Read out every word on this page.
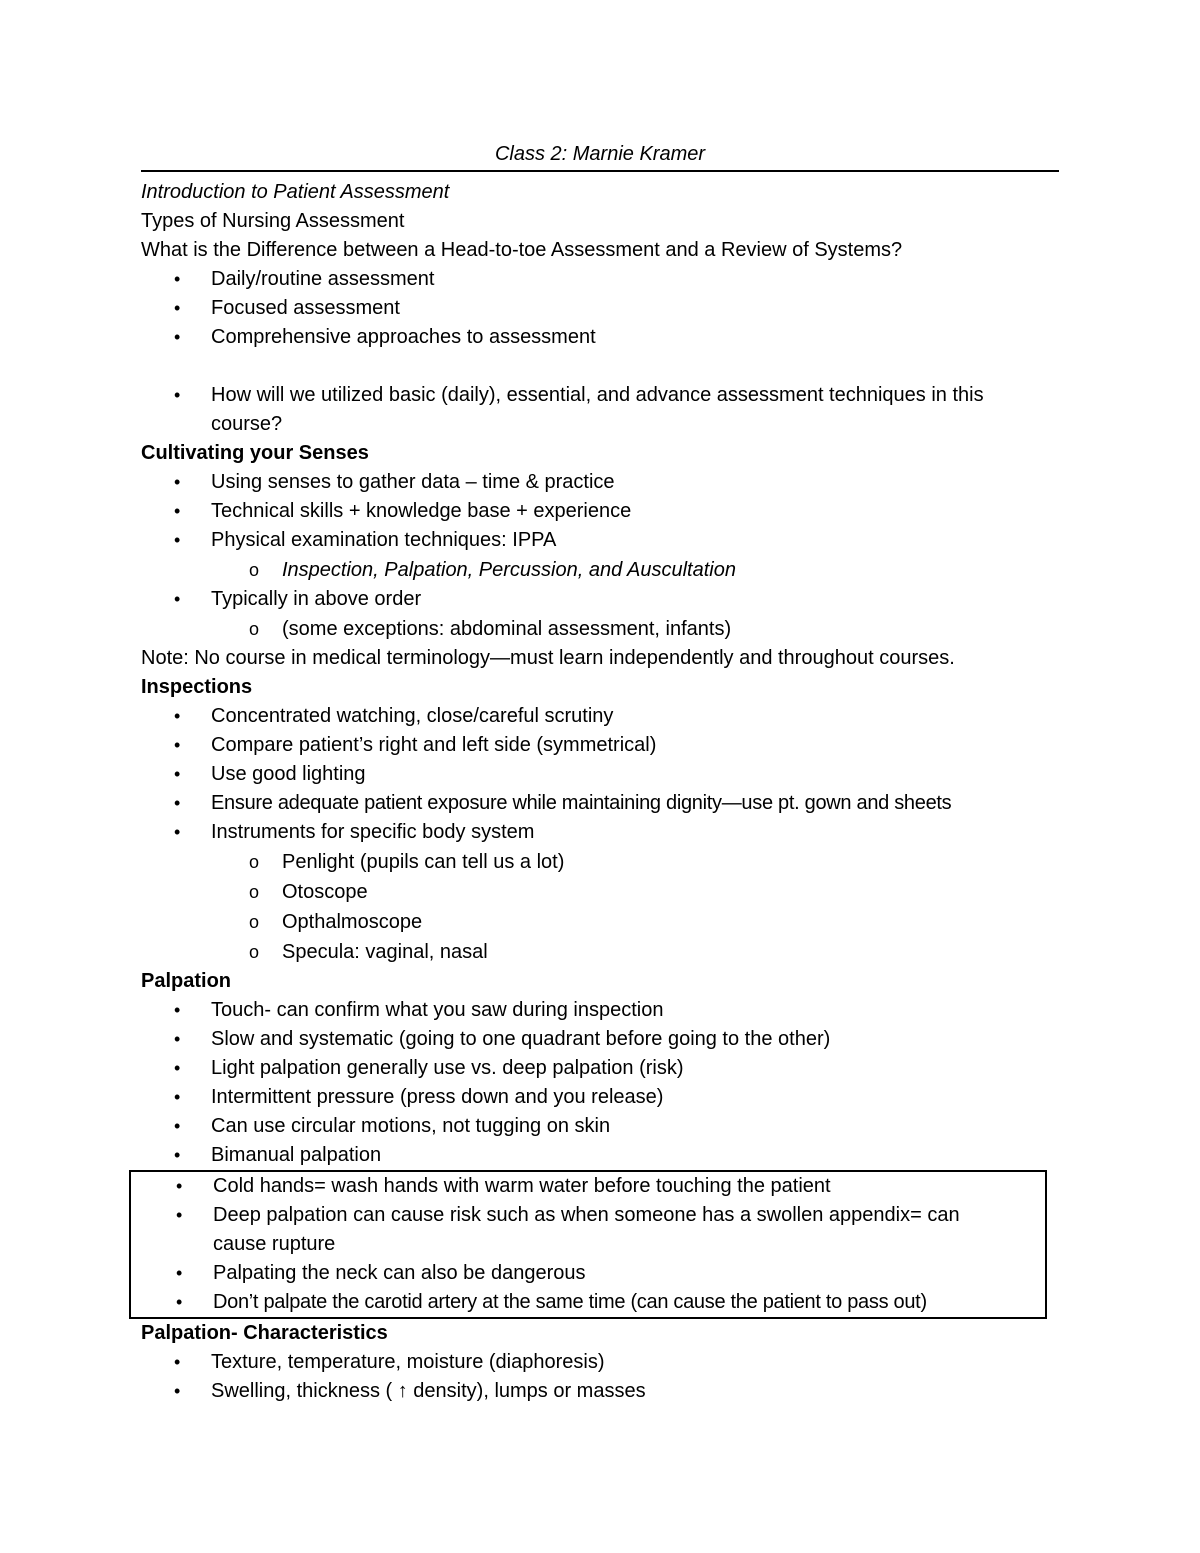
Class 2: Marnie Kramer

Introduction to Patient Assessment

Types of Nursing Assessment

What is the Difference between a Head-to-toe Assessment and a Review of Systems?

• Daily/routine assessment
• Focused assessment
• Comprehensive approaches to assessment
• How will we utilized basic (daily), essential, and advance assessment techniques in this course?

Cultivating your Senses

• Using senses to gather data – time & practice
• Technical skills + knowledge base + experience
• Physical examination techniques: IPPA
o Inspection, Palpation, Percussion, and Auscultation
• Typically in above order
o (some exceptions: abdominal assessment, infants)

Note: No course in medical terminology—must learn independently and throughout courses.

Inspections

• Concentrated watching, close/careful scrutiny
• Compare patient’s right and left side (symmetrical)
• Use good lighting
• Ensure adequate patient exposure while maintaining dignity—use pt. gown and sheets
• Instruments for specific body system
o Penlight (pupils can tell us a lot)
o Otoscope
o Opthalmoscope
o Specula: vaginal, nasal

Palpation

• Touch- can confirm what you saw during inspection
• Slow and systematic (going to one quadrant before going to the other)
• Light palpation generally use vs. deep palpation (risk)
• Intermittent pressure (press down and you release)
• Can use circular motions, not tugging on skin
• Bimanual palpation
• Cold hands= wash hands with warm water before touching the patient
• Deep palpation can cause risk such as when someone has a swollen appendix= can cause rupture
• Palpating the neck can also be dangerous
• Don’t palpate the carotid artery at the same time (can cause the patient to pass out)

Palpation- Characteristics

• Texture, temperature, moisture (diaphoresis)
• Swelling, thickness ( ↑ density), lumps or masses
